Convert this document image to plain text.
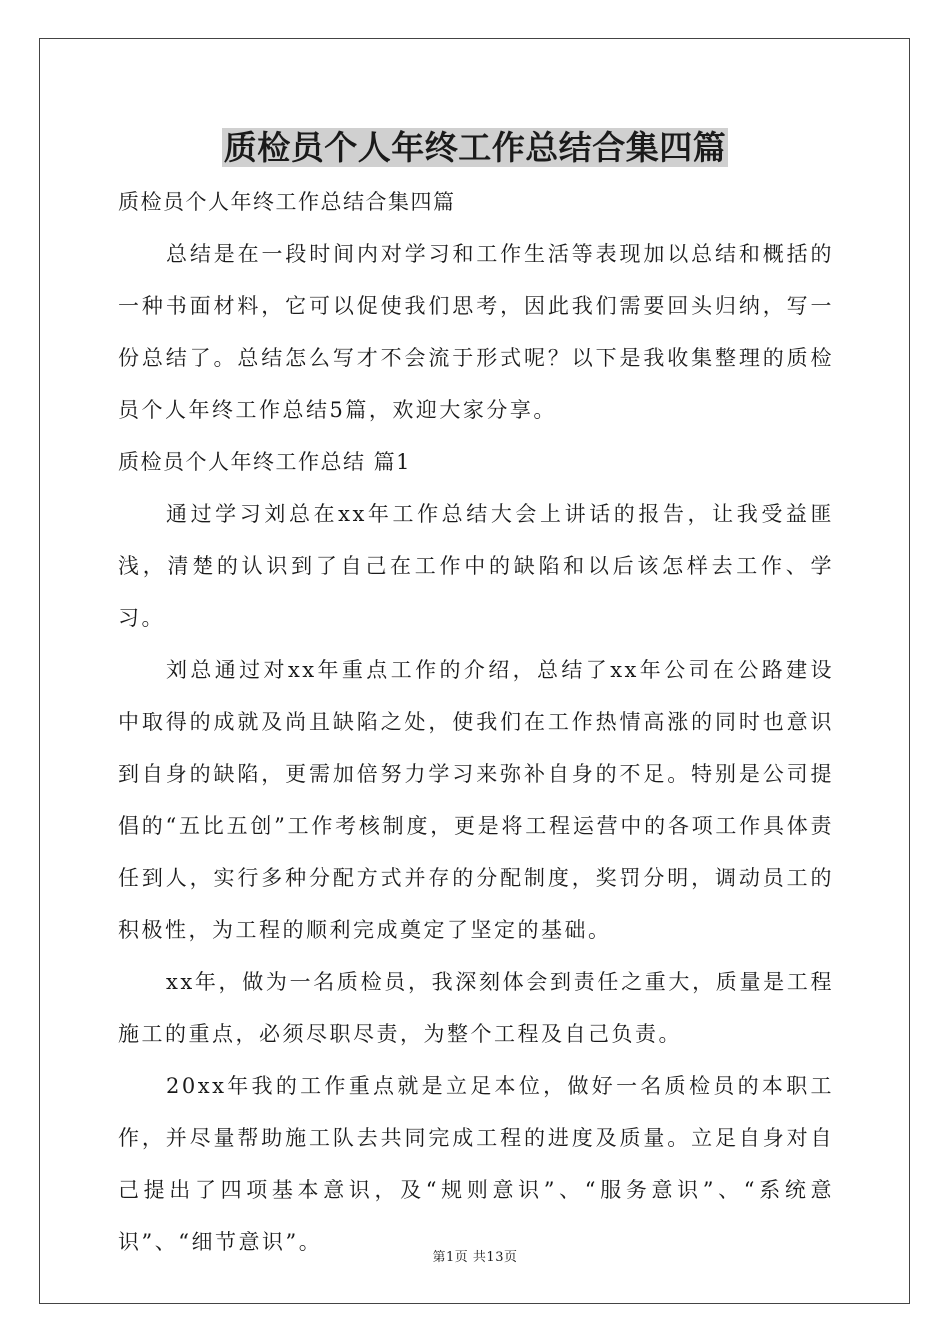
质检员个人年终工作总结合集四篇

质检员个人年终工作总结合集四篇

总结是在一段时间内对学习和工作生活等表现加以总结和概括的一种书面材料，它可以促使我们思考，因此我们需要回头归纳，写一份总结了。总结怎么写才不会流于形式呢？以下是我收集整理的质检员个人年终工作总结5篇，欢迎大家分享。

质检员个人年终工作总结 篇1

通过学习刘总在xx年工作总结大会上讲话的报告，让我受益匪浅，清楚的认识到了自己在工作中的缺陷和以后该怎样去工作、学习。

刘总通过对xx年重点工作的介绍，总结了xx年公司在公路建设中取得的成就及尚且缺陷之处，使我们在工作热情高涨的同时也意识到自身的缺陷，更需加倍努力学习来弥补自身的不足。特别是公司提倡的“五比五创”工作考核制度，更是将工程运营中的各项工作具体责任到人，实行多种分配方式并存的分配制度，奖罚分明，调动员工的积极性，为工程的顺利完成奠定了坚定的基础。

xx年，做为一名质检员，我深刻体会到责任之重大，质量是工程施工的重点，必须尽职尽责，为整个工程及自己负责。

20xx年我的工作重点就是立足本位，做好一名质检员的本职工作，并尽量帮助施工队去共同完成工程的进度及质量。立足自身对自己提出了四项基本意识，及“规则意识”、“服务意识”、“系统意识”、“细节意识”。

第1页 共13页
